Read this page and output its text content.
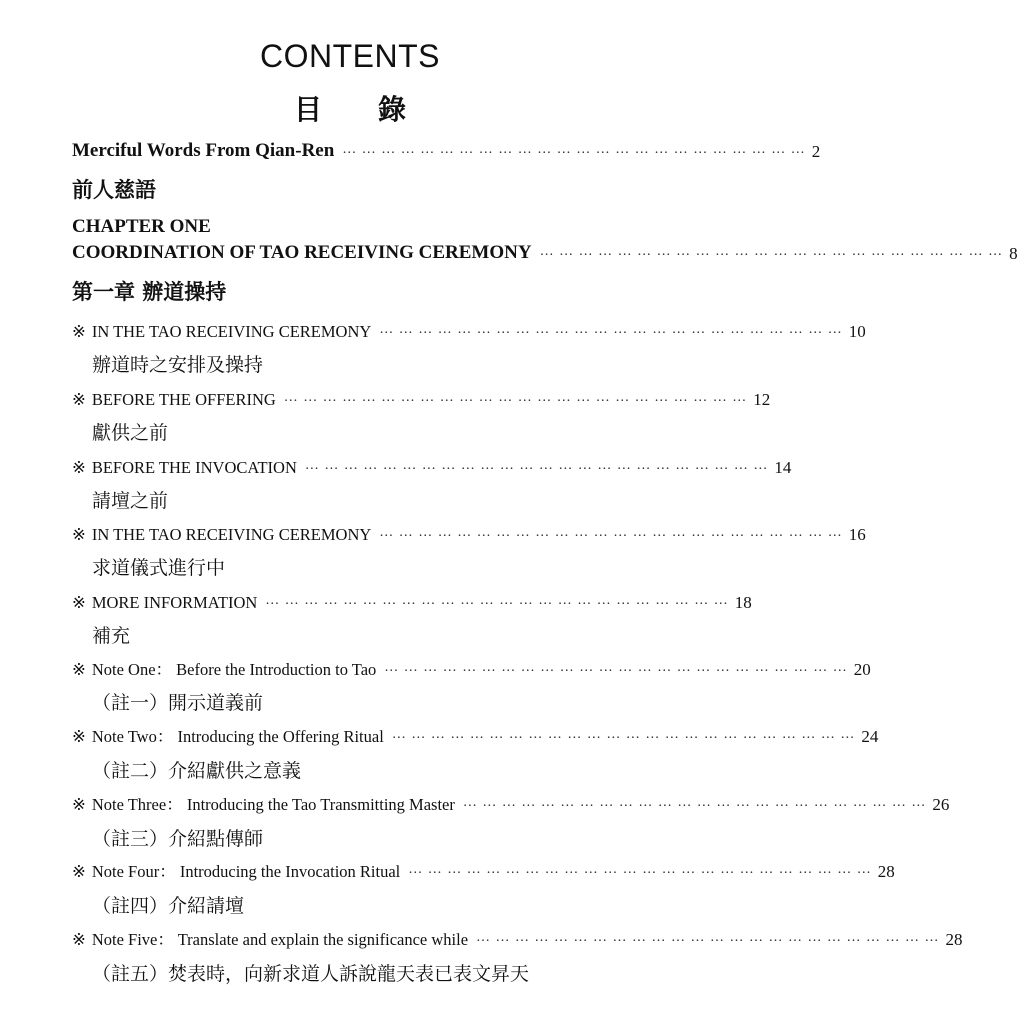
CONTENTS
目錄
Merciful Words From Qian-Ren … … … … … … … … … … … … … … … … … … … … … … … … 2
前人慈語
CHAPTER ONE
COORDINATION OF TAO RECEIVING CEREMONY … … … … … … … … … … … … … … … … … … … … … … … … 8
第一章 辦道操持
※ IN THE TAO RECEIVING CEREMONY … … … … … … … … … … … … … … … … … … … … … … … … 10
辦道時之安排及操持
※ BEFORE THE OFFERING … … … … … … … … … … … … … … … … … … … … … … … … 12
獻供之前
※ BEFORE THE INVOCATION … … … … … … … … … … … … … … … … … … … … … … … … 14
請壇之前
※ IN THE TAO RECEIVING CEREMONY … … … … … … … … … … … … … … … … … … … … … … … … 16
求道儀式進行中
※ MORE INFORMATION … … … … … … … … … … … … … … … … … … … … … … … … 18
補充
※ Note One： Before the Introduction to Tao … … … … … … … … … … … … … … … … … … … … … … … … 20
（註一）開示道義前
※ Note Two： Introducing the Offering Ritual … … … … … … … … … … … … … … … … … … … … … … … … 24
（註二）介紹獻供之意義
※ Note Three： Introducing the Tao Transmitting Master … … … … … … … … … … … … … … … … … … … … … … … … 26
（註三）介紹點傳師
※ Note Four： Introducing the Invocation Ritual … … … … … … … … … … … … … … … … … … … … … … … … 28
（註四）介紹請壇
※ Note Five： Translate and explain the significance while … … … … … … … … … … … … … … … … … … … … … … … … 28
（註五）焚表時，向新求道人訴說龍天表已表文昇天
